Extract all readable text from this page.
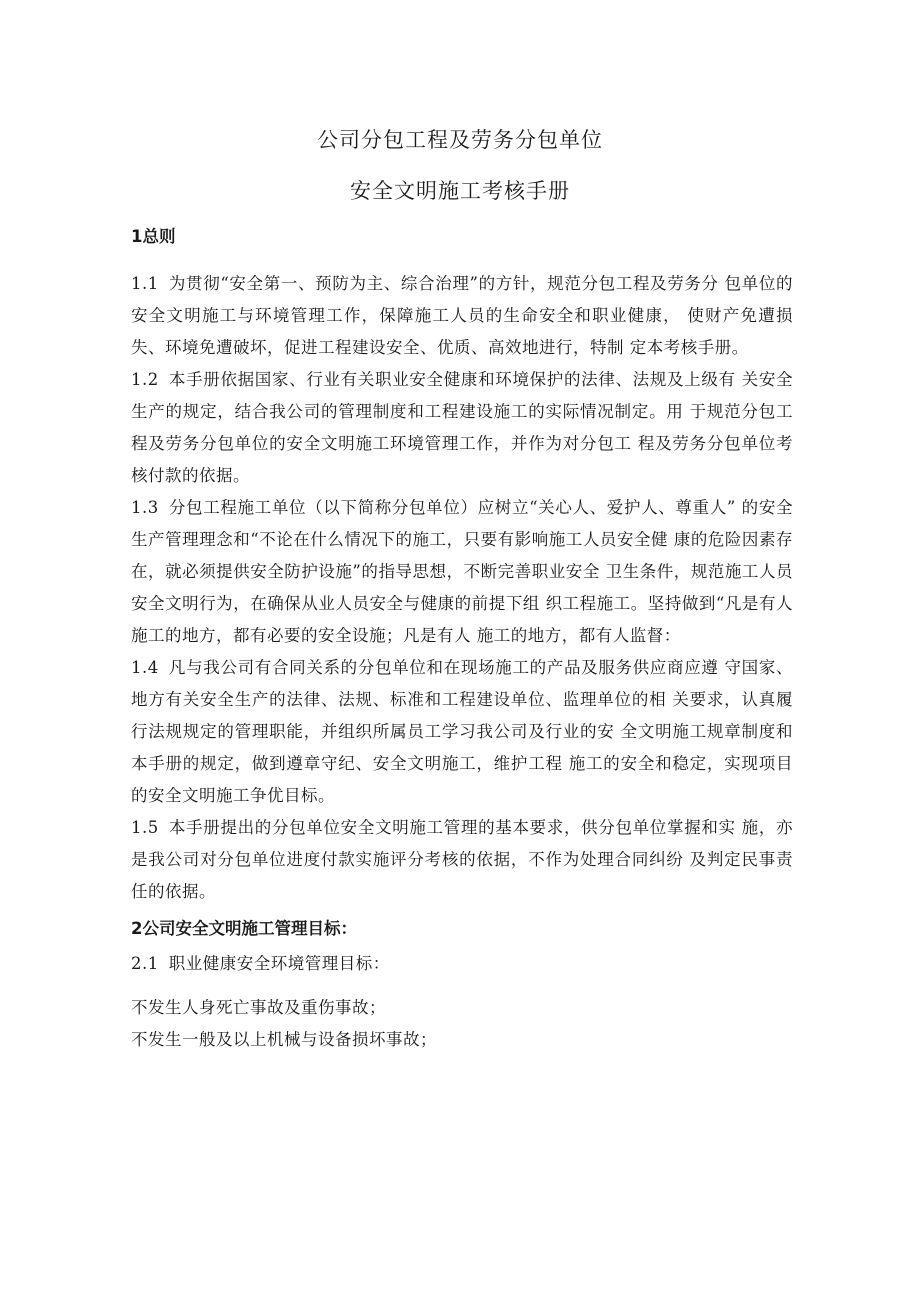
公司分包工程及劳务分包单位
安全文明施工考核手册

1总则

1.1 为贯彻“安全第一、预防为主、综合治理”的方针，规范分包工程及劳务分 包单位的安全文明施工与环境管理工作，保障施工人员的生命安全和职业健康， 使财产免遭损失、环境免遭破坏，促进工程建设安全、优质、高效地进行，特制 定本考核手册。

1.2 本手册依据国家、行业有关职业安全健康和环境保护的法律、法规及上级有 关安全生产的规定，结合我公司的管理制度和工程建设施工的实际情况制定。用 于规范分包工程及劳务分包单位的安全文明施工环境管理工作，并作为对分包工 程及劳务分包单位考核付款的依据。

1.3 分包工程施工单位（以下简称分包单位）应树立“关心人、爱护人、尊重人” 的安全生产管理理念和“不论在什么情况下的施工，只要有影响施工人员安全健 康的危险因素存在，就必须提供安全防护设施”的指导思想，不断完善职业安全 卫生条件，规范施工人员安全文明行为，在确保从业人员安全与健康的前提下组 织工程施工。坚持做到“凡是有人施工的地方，都有必要的安全设施；凡是有人 施工的地方，都有人监督：

1.4 凡与我公司有合同关系的分包单位和在现场施工的产品及服务供应商应遵 守国家、地方有关安全生产的法律、法规、标准和工程建设单位、监理单位的相 关要求，认真履行法规规定的管理职能，并组织所属员工学习我公司及行业的安 全文明施工规章制度和本手册的规定，做到遵章守纪、安全文明施工，维护工程 施工的安全和稳定，实现项目的安全文明施工争优目标。

1.5 本手册提出的分包单位安全文明施工管理的基本要求，供分包单位掌握和实 施，亦是我公司对分包单位进度付款实施评分考核的依据，不作为处理合同纠纷 及判定民事责任的依据。

2公司安全文明施工管理目标：

2.1 职业健康安全环境管理目标：

不发生人身死亡事故及重伤事故；

不发生一般及以上机械与设备损坏事故；
